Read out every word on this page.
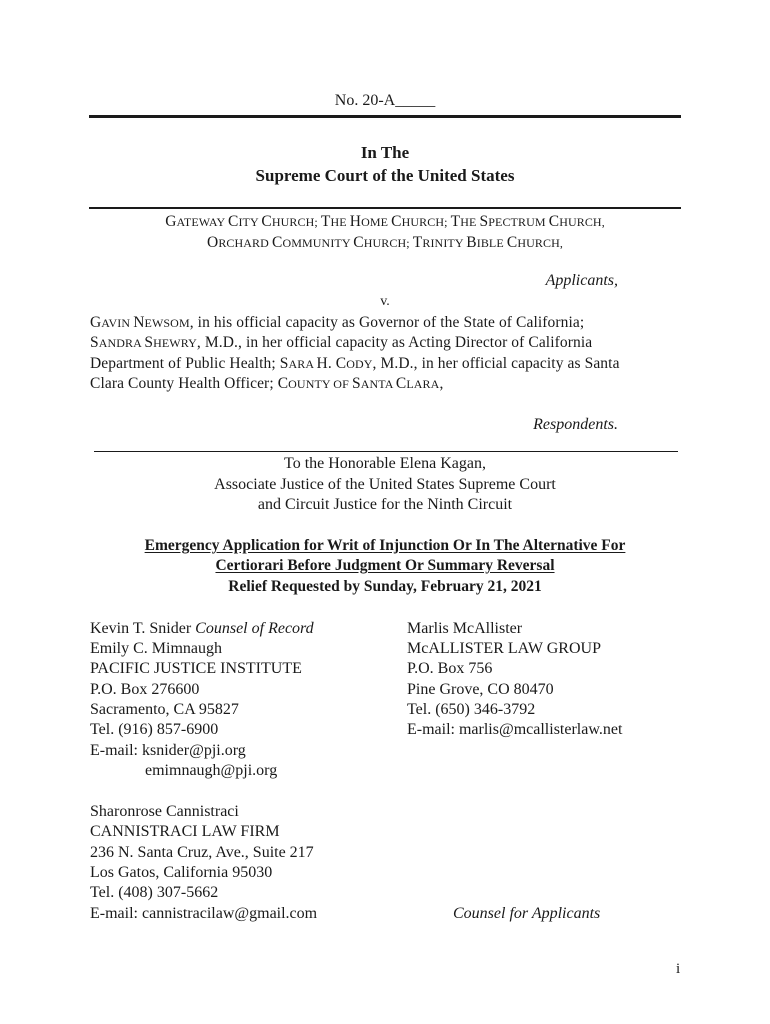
No. 20-A_____
In The
Supreme Court of the United States
GATEWAY CITY CHURCH; THE HOME CHURCH; THE SPECTRUM CHURCH,
ORCHARD COMMUNITY CHURCH; TRINITY BIBLE CHURCH,
Applicants,
v.
GAVIN NEWSOM, in his official capacity as Governor of the State of California;
SANDRA SHEWRY, M.D., in her official capacity as Acting Director of California
Department of Public Health; SARA H. CODY, M.D., in her official capacity as Santa
Clara County Health Officer; COUNTY OF SANTA CLARA,
Respondents.
To the Honorable Elena Kagan,
Associate Justice of the United States Supreme Court
and Circuit Justice for the Ninth Circuit
Emergency Application for Writ of Injunction Or In The Alternative For
Certiorari Before Judgment Or Summary Reversal
Relief Requested by Sunday, February 21, 2021
Kevin T. Snider Counsel of Record
Emily C. Mimnaugh
PACIFIC JUSTICE INSTITUTE
P.O. Box 276600
Sacramento, CA 95827
Tel. (916) 857-6900
E-mail: ksnider@pji.org
emimnaugh@pji.org
Marlis McAllister
McALLISTER LAW GROUP
P.O. Box 756
Pine Grove, CO 80470
Tel. (650) 346-3792
E-mail: marlis@mcallisterlaw.net
Sharonrose Cannistraci
CANNISTRACI LAW FIRM
236 N. Santa Cruz, Ave., Suite 217
Los Gatos, California 95030
Tel. (408) 307-5662
E-mail: cannistracilaw@gmail.com	Counsel for Applicants
i
